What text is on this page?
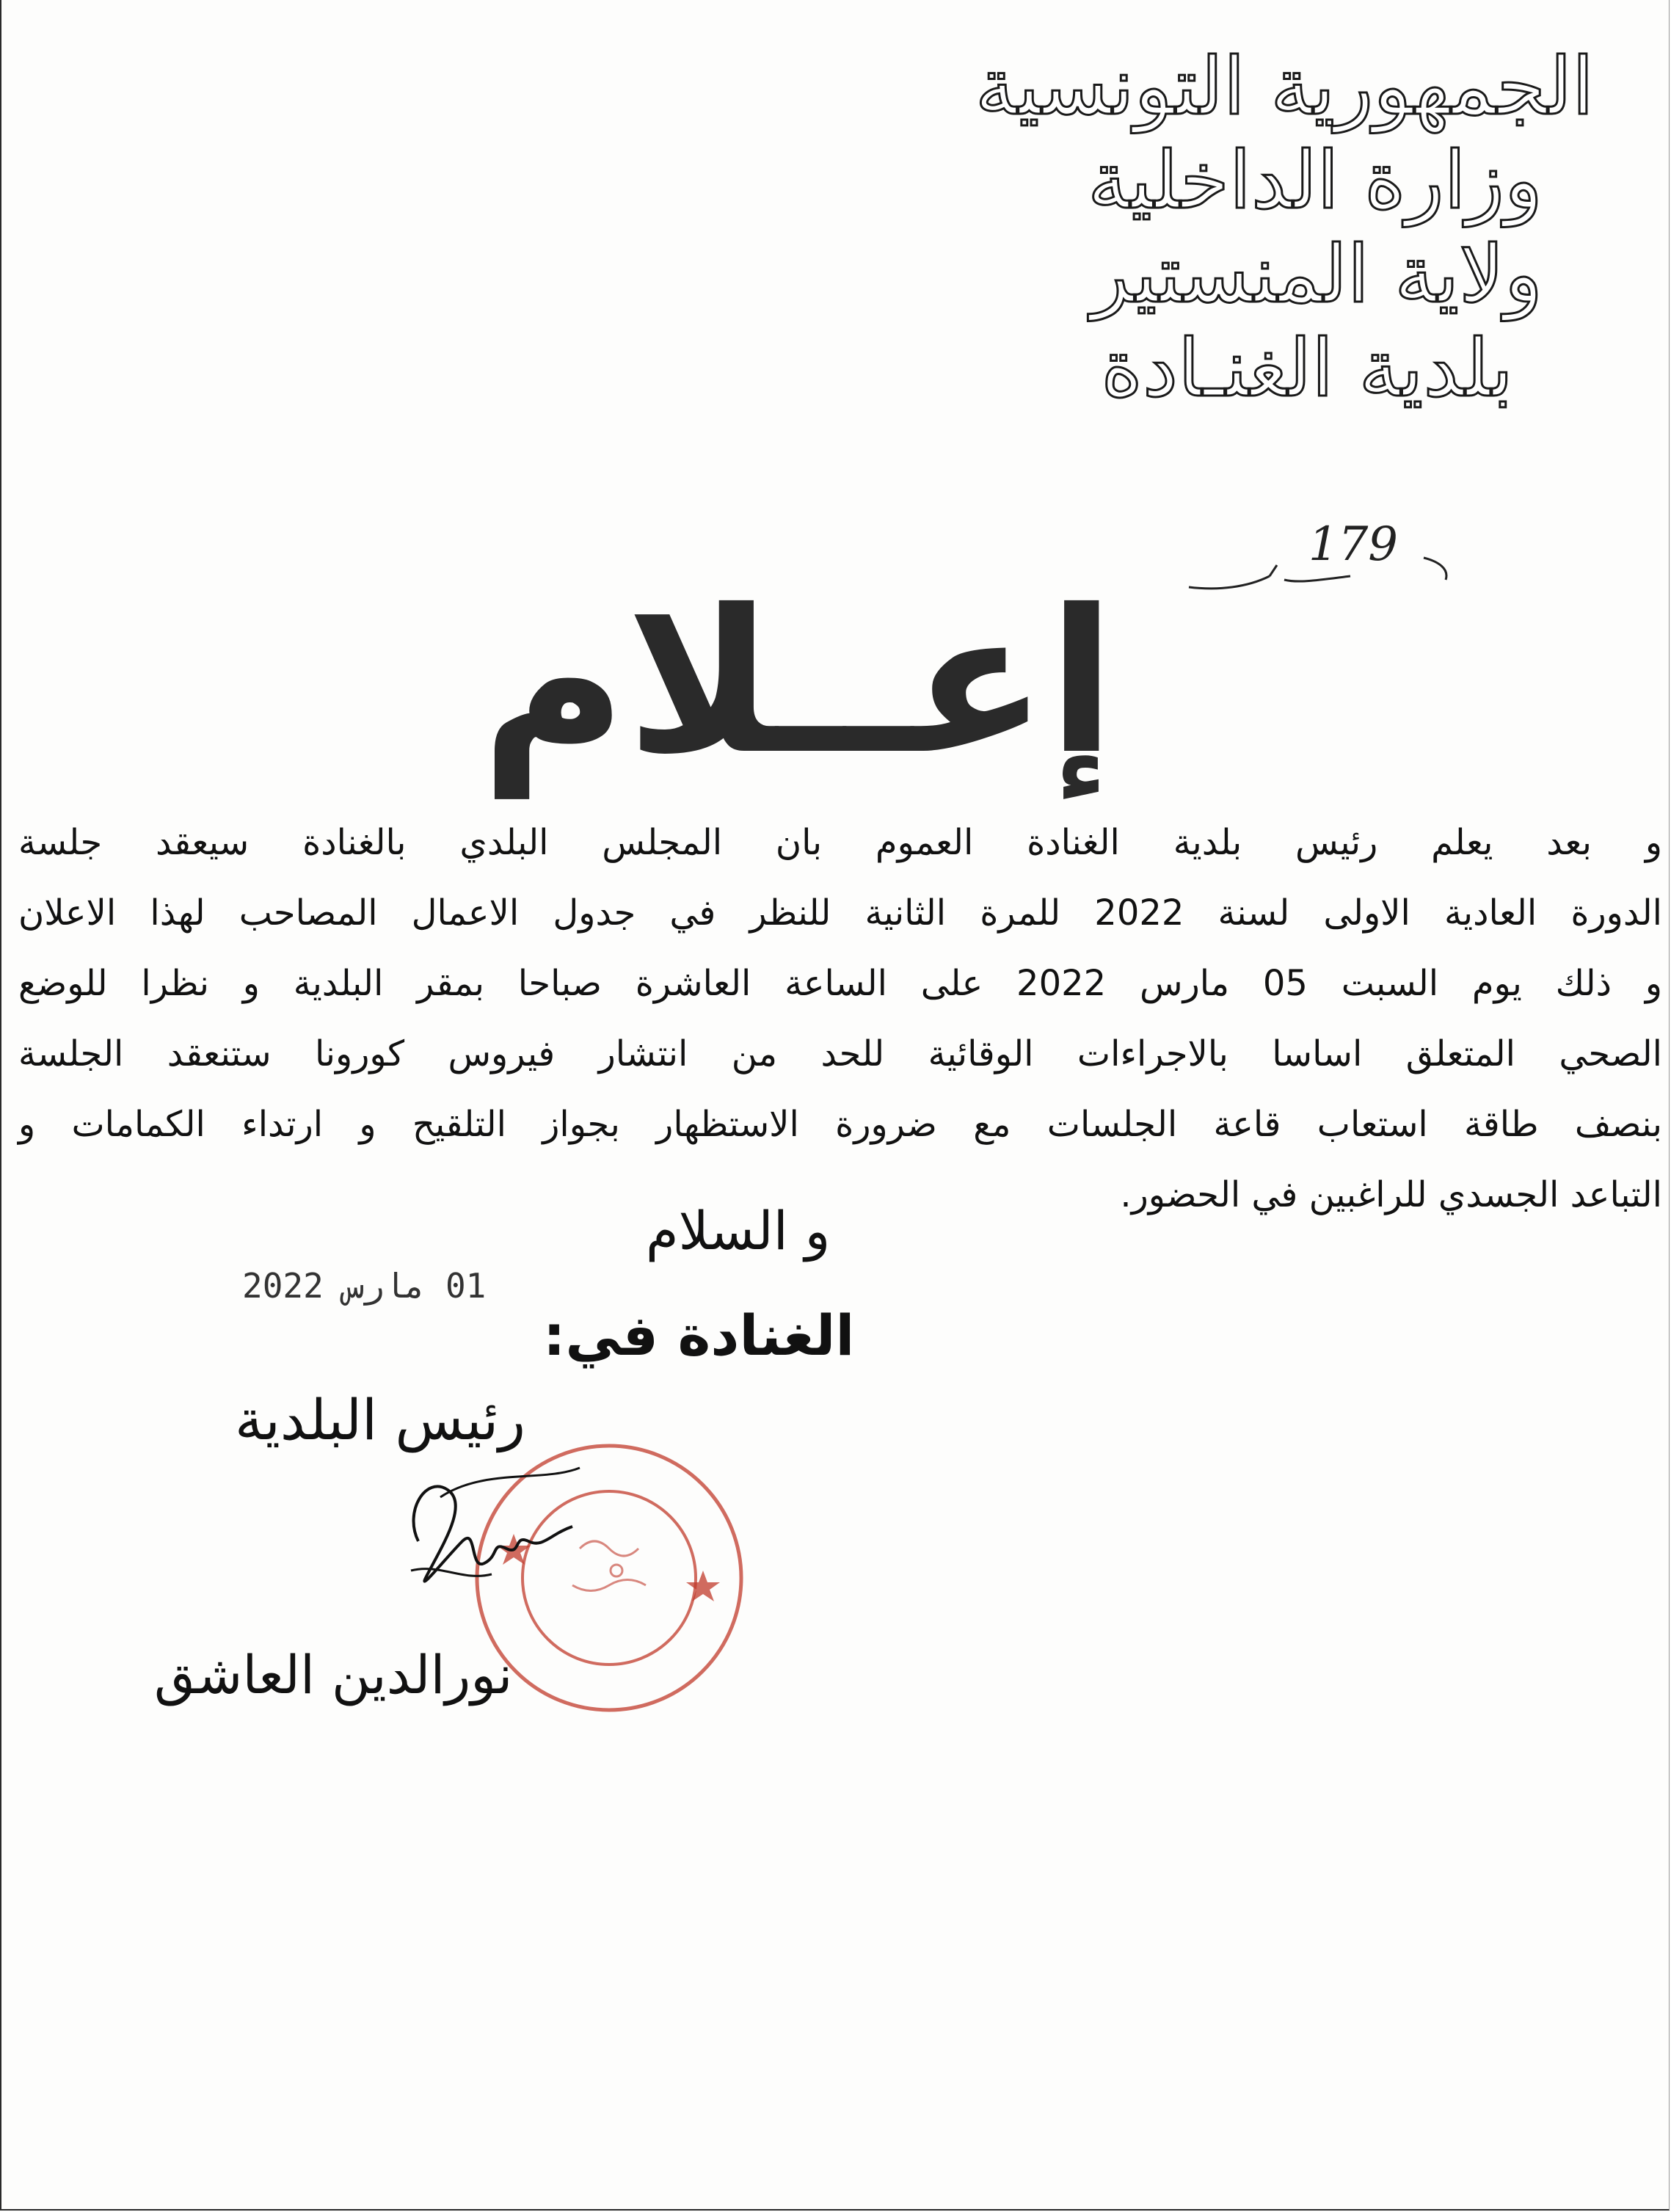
الجمهورية التونسية
وزارة الداخلية
ولاية المنستير
بلدية الغنـادة
179
إعــلام
و بعد يعلم رئيس بلدية الغنادة العموم بان المجلس البلدي بالغنادة سيعقد جلسة
الدورة العادية الاولى لسنة 2022 للمرة الثانية للنظر في جدول الاعمال المصاحب لهذا الاعلان
و ذلك يوم السبت 05 مارس 2022 على الساعة العاشرة صباحا بمقر البلدية و نظرا للوضع
الصحي المتعلق اساسا بالاجراءات الوقائية للحد من انتشار فيروس كورونا ستنعقد الجلسة
بنصف طاقة استعاب قاعة الجلسات مع ضرورة الاستظهار بجواز التلقيح و ارتداء الكمامات و
التباعد الجسدي للراغبين في الحضور.
و السلام
01 مارس 2022
الغنادة في:
رئيس البلدية
نورالدين العاشق
